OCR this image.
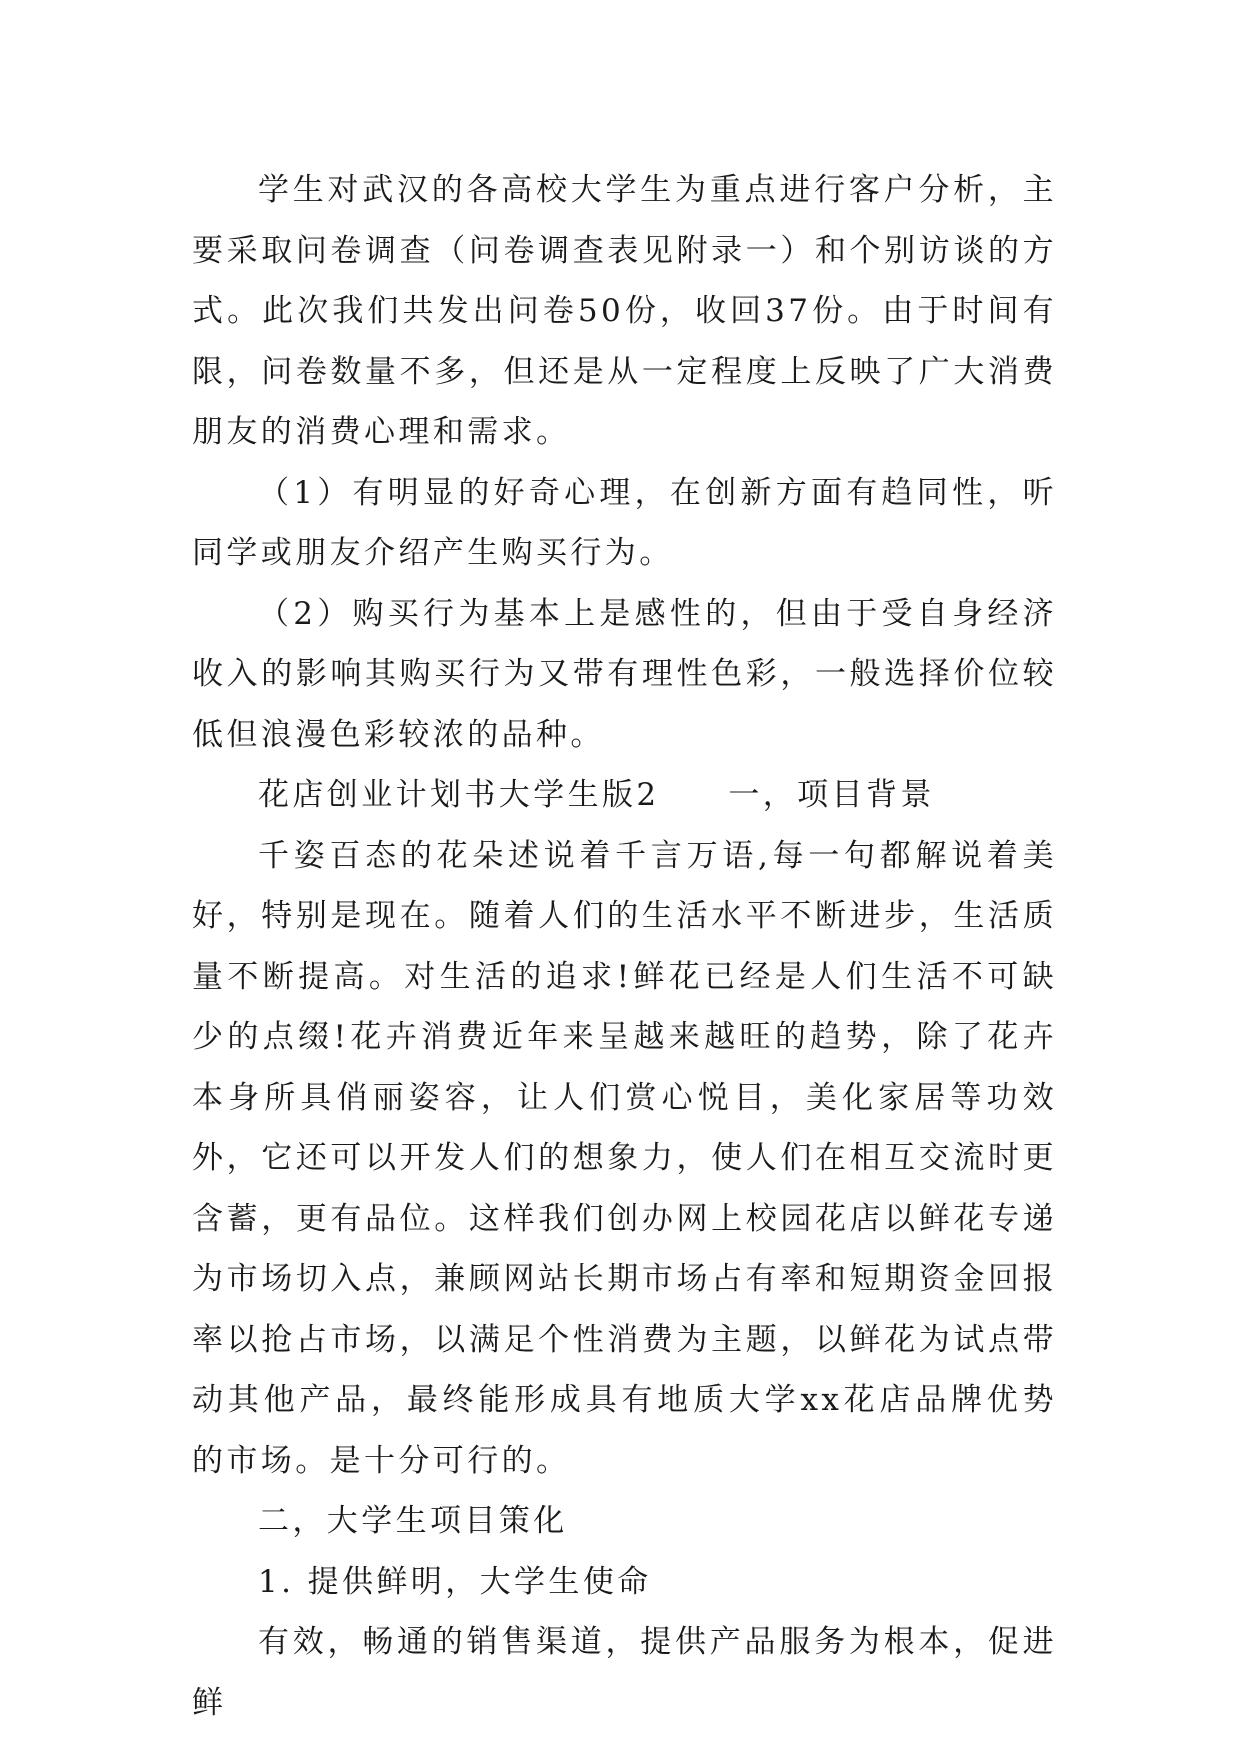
学生对武汉的各高校大学生为重点进行客户分析，主要采取问卷调查（问卷调查表见附录一）和个别访谈的方式。此次我们共发出问卷50份，收回37份。由于时间有限，问卷数量不多，但还是从一定程度上反映了广大消费朋友的消费心理和需求。

（1）有明显的好奇心理，在创新方面有趋同性，听同学或朋友介绍产生购买行为。

（2）购买行为基本上是感性的，但由于受自身经济收入的影响其购买行为又带有理性色彩，一般选择价位较低但浪漫色彩较浓的品种。

花店创业计划书大学生版2　　一，项目背景

千姿百态的花朵述说着千言万语,每一句都解说着美好，特别是现在。随着人们的生活水平不断进步，生活质量不断提高。对生活的追求!鲜花已经是人们生活不可缺少的点缀!花卉消费近年来呈越来越旺的趋势，除了花卉本身所具俏丽姿容，让人们赏心悦目，美化家居等功效外，它还可以开发人们的想象力，使人们在相互交流时更含蓄，更有品位。这样我们创办网上校园花店以鲜花专递为市场切入点，兼顾网站长期市场占有率和短期资金回报率以抢占市场，以满足个性消费为主题，以鲜花为试点带动其他产品，最终能形成具有地质大学xx花店品牌优势的市场。是十分可行的。

二，大学生项目策化

1. 提供鲜明，大学生使命

有效，畅通的销售渠道，提供产品服务为根本，促进鲜
